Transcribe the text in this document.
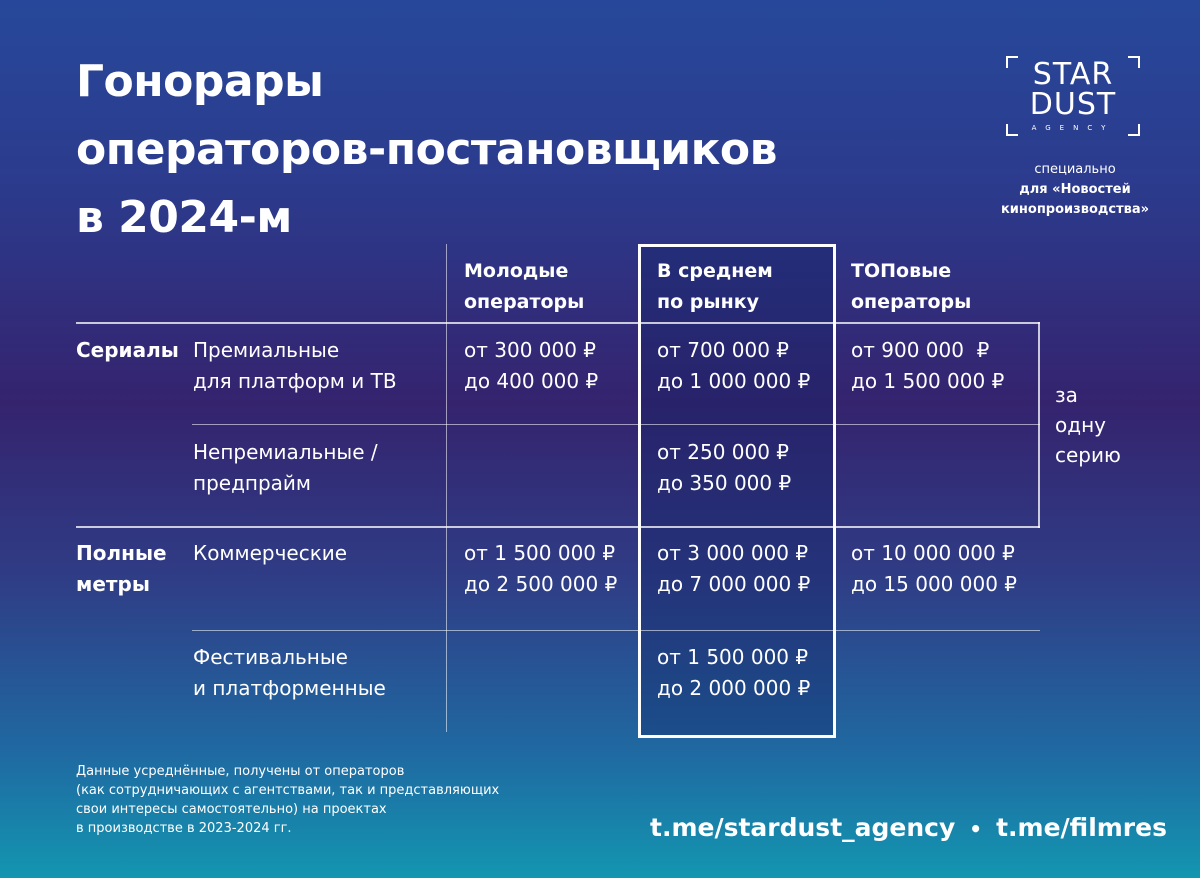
Гонорары
операторов-постановщиков
в 2024-м
STAR
DUST
AGENCY
специально
для «Новостей
кинопроизводства»
Молодые
операторы
В среднем
по рынку
ТОПовые
операторы
Сериалы
Полные
метры
Премиальные
для платформ и ТВ
от 300 000 ₽
до 400 000 ₽
от 700 000 ₽
до 1 000 000 ₽
от 900 000  ₽
до 1 500 000 ₽
Непремиальные /
предпрайм
от 250 000 ₽
до 350 000 ₽
за
одну
серию
Коммерческие	от 1 500 000 ₽
до 2 500 000 ₽
от 3 000 000 ₽
до 7 000 000 ₽
от 10 000 000 ₽
до 15 000 000 ₽
Фестивальные
и платформенные
от 1 500 000 ₽
до 2 000 000 ₽
Данные усреднённые, получены от операторов
(как сотрудничающих с агентствами, так и представляющих
свои интересы самостоятельно) на проектах
в производстве в 2023-2024 гг.	t.me/stardust_agency • t.me/filmres
